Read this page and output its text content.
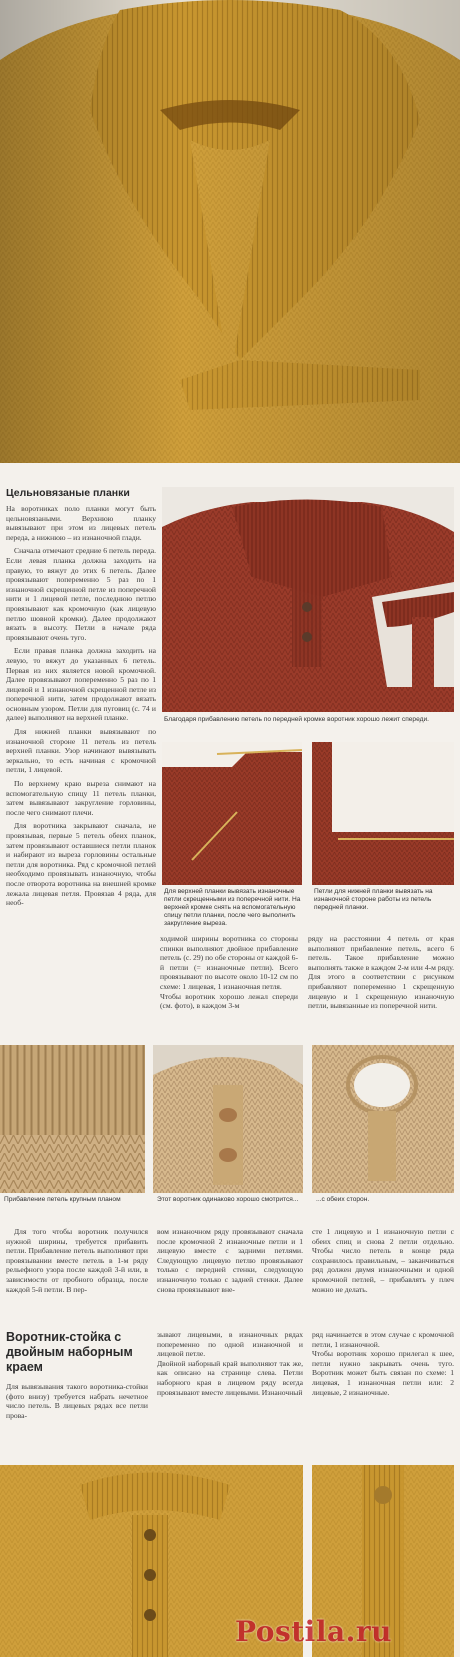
Цельновязаные планки
На воротниках поло планки могут быть цельновязаными. Верхнюю планку вывязывают при этом из лицевых петель переда, а нижнюю – из изнаночной глади.
Сначала отмечают средние 6 петель переда. Если левая планка должна заходить на правую, то вяжут до этих 6 петель. Далее провязывают попеременно 5 раз по 1 изнаночной скрещенной петле из поперечной нити и 1 лицевой петле, последнюю петлю провязывают как кромочную (как лицевую петлю шовной кромки). Далее продолжают вязать в высоту. Петли в начале ряда провязывают очень туго.
Если правая планка должна заходить на левую, то вяжут до указанных 6 петель. Первая из них является новой кромочной. Далее провязывают попеременно 5 раз по 1 лицевой и 1 изнаночной скрещенной петле из поперечной нити, затем продолжают вязать основным узором. Петли для пуговиц (с. 74 и далее) выполняют на верхней планке.
Для нижней планки вывязывают по изнаночной стороне 11 петель из петель верхней планки. Узор начинают вывязывать зеркально, то есть начиная с кромочной петли, 1 лицевой.
По верхнему краю выреза снимают на вспомогательную спицу 11 петель планки, затем вывязывают закругление горловины, после чего снимают плечи.
Для воротника закрывают сначала, не провязывая, первые 5 петель обеих планок, затем провязывают оставшиеся петли планок и набирают из выреза горловины остальные петли для воротника. Ряд с кромочной петлей необходимо провязывать изнаночную, чтобы после отворота воротника на внешней кромке лежала лицевая петля. Провязав 4 ряда, для необ-
Благодаря прибавлению петель по передней кромке воротник хорошо лежит спереди.
Для верхней планки вывязать изнаночные петли скрещенными из поперечной нити. На верхней кромке снять на вспомогательную спицу петли планки, после чего выполнить закругление выреза.
Петли для нижней планки вывязать на изнаночной стороне работы из петель передней планки.
ходимой ширины воротника со стороны спинки выполняют двойное прибавление петель (с. 29) по обе стороны от каждой 6-й петли (= изнаночные петли). Всего провязывают по высоте около 10-12 см по схеме: 1 лицевая, 1 изнаночная петля.
Чтобы воротник хорошо лежал спереди (см. фото), в каждом 3-м
ряду на расстоянии 4 петель от края выполняют прибавление петель, всего 6 петель. Такое прибавление можно выполнять также в каждом 2-м или 4-м ряду. Для этого в соответствии с рисунком прибавляют попеременно 1 скрещенную лицевую и 1 скрещенную изнаночную петли, вывязанные из поперечной нити.
Прибавление петель крупным планом	Этот воротник одинаково хорошо смотрится...	...с обеих сторон.
Для того чтобы воротник получился нужной ширины, требуется прибавить петли. Прибавление петель выполняют при провязывании вместе петель в 1-м ряду рельефного узора после каждой 3-й или, в зависимости от пробного образца, после каждой 5-й петли. В пер-
вом изнаночном ряду провязывают сначала после кромочной 2 изнаночные петли и 1 лицевую вместе с задними петлями. Следующую лицевую петлю провязывают только с передней стенки, следующую изнаночную только с задней стенки. Далее снова провязывают вне-
сте 1 лицевую и 1 изнаночную петли с обеих спиц и снова 2 петли отдельно. Чтобы число петель в конце ряда сохранилось правильным, – заканчиваться ряд должен двумя изнаночными и одной кромочной петлей, – прибавлять у плеч можно не делать.
Воротник-стойка с двойным наборным краем
Для вывязывания такого воротника-стойки (фото внизу) требуется набрать нечетное число петель. В лицевых рядах все петли прова-
зывают лицевыми, в изнаночных рядах попеременно по одной изнаночной и лицевой петле.
Двойной наборный край выполняют так же, как описано на странице слева. Петли наборного края в лицевом ряду всегда провязывают вместе лицевыми. Изнаночный
ряд начинается в этом случае с кромочной петли, 1 изнаночной.
Чтобы воротник хорошо прилегал к шее, петли нужно закрывать очень туго. Воротник может быть связан по схеме: 1 лицевая, 1 изнаночная петли или: 2 лицевые, 2 изнаночные.
Postila.ru
